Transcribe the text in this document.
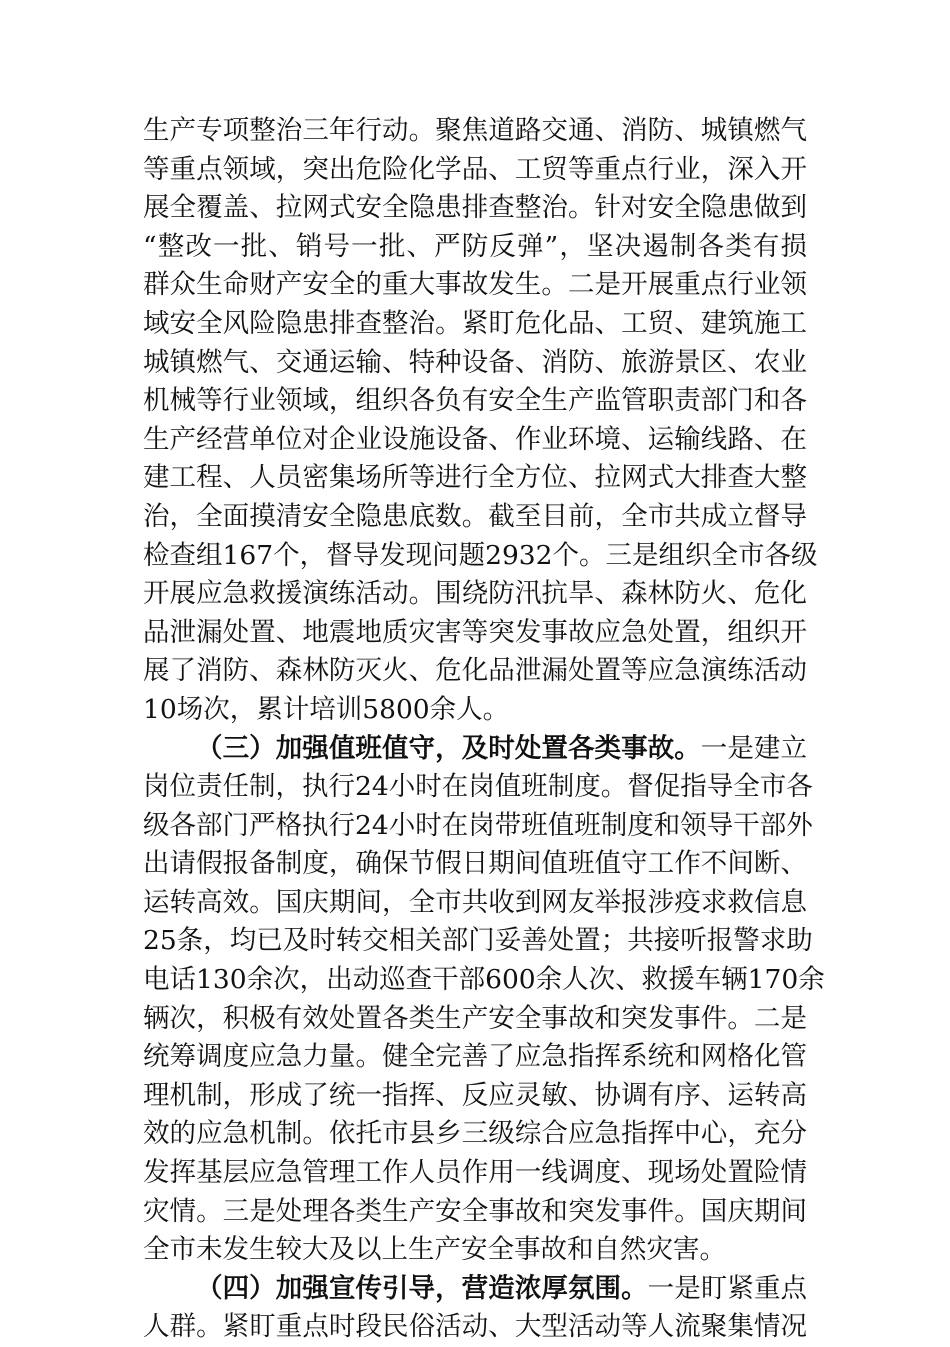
生产专项整治三年行动。聚焦道路交通、消防、城镇燃气
等重点领域，突出危险化学品、工贸等重点行业，深入开
展全覆盖、拉网式安全隐患排查整治。针对安全隐患做到
“整改一批、销号一批、严防反弹”，坚决遏制各类有损
群众生命财产安全的重大事故发生。二是开展重点行业领
域安全风险隐患排查整治。紧盯危化品、工贸、建筑施工
城镇燃气、交通运输、特种设备、消防、旅游景区、农业
机械等行业领域，组织各负有安全生产监管职责部门和各
生产经营单位对企业设施设备、作业环境、运输线路、在
建工程、人员密集场所等进行全方位、拉网式大排查大整
治，全面摸清安全隐患底数。截至目前，全市共成立督导
检查组167个，督导发现问题2932个。三是组织全市各级
开展应急救援演练活动。围绕防汛抗旱、森林防火、危化
品泄漏处置、地震地质灾害等突发事故应急处置，组织开
展了消防、森林防灭火、危化品泄漏处置等应急演练活动
10场次，累计培训5800余人。
（三）加强值班值守，及时处置各类事故。一是建立
岗位责任制，执行24小时在岗值班制度。督促指导全市各
级各部门严格执行24小时在岗带班值班制度和领导干部外
出请假报备制度，确保节假日期间值班值守工作不间断、
运转高效。国庆期间，全市共收到网友举报涉疫求救信息
25条，均已及时转交相关部门妥善处置；共接听报警求助
电话130余次，出动巡查干部600余人次、救援车辆170余
辆次，积极有效处置各类生产安全事故和突发事件。二是
统筹调度应急力量。健全完善了应急指挥系统和网格化管
理机制，形成了统一指挥、反应灵敏、协调有序、运转高
效的应急机制。依托市县乡三级综合应急指挥中心，充分
发挥基层应急管理工作人员作用一线调度、现场处置险情
灾情。三是处理各类生产安全事故和突发事件。国庆期间
全市未发生较大及以上生产安全事故和自然灾害。
（四）加强宣传引导，营造浓厚氛围。一是盯紧重点
人群。紧盯重点时段民俗活动、大型活动等人流聚集情况
